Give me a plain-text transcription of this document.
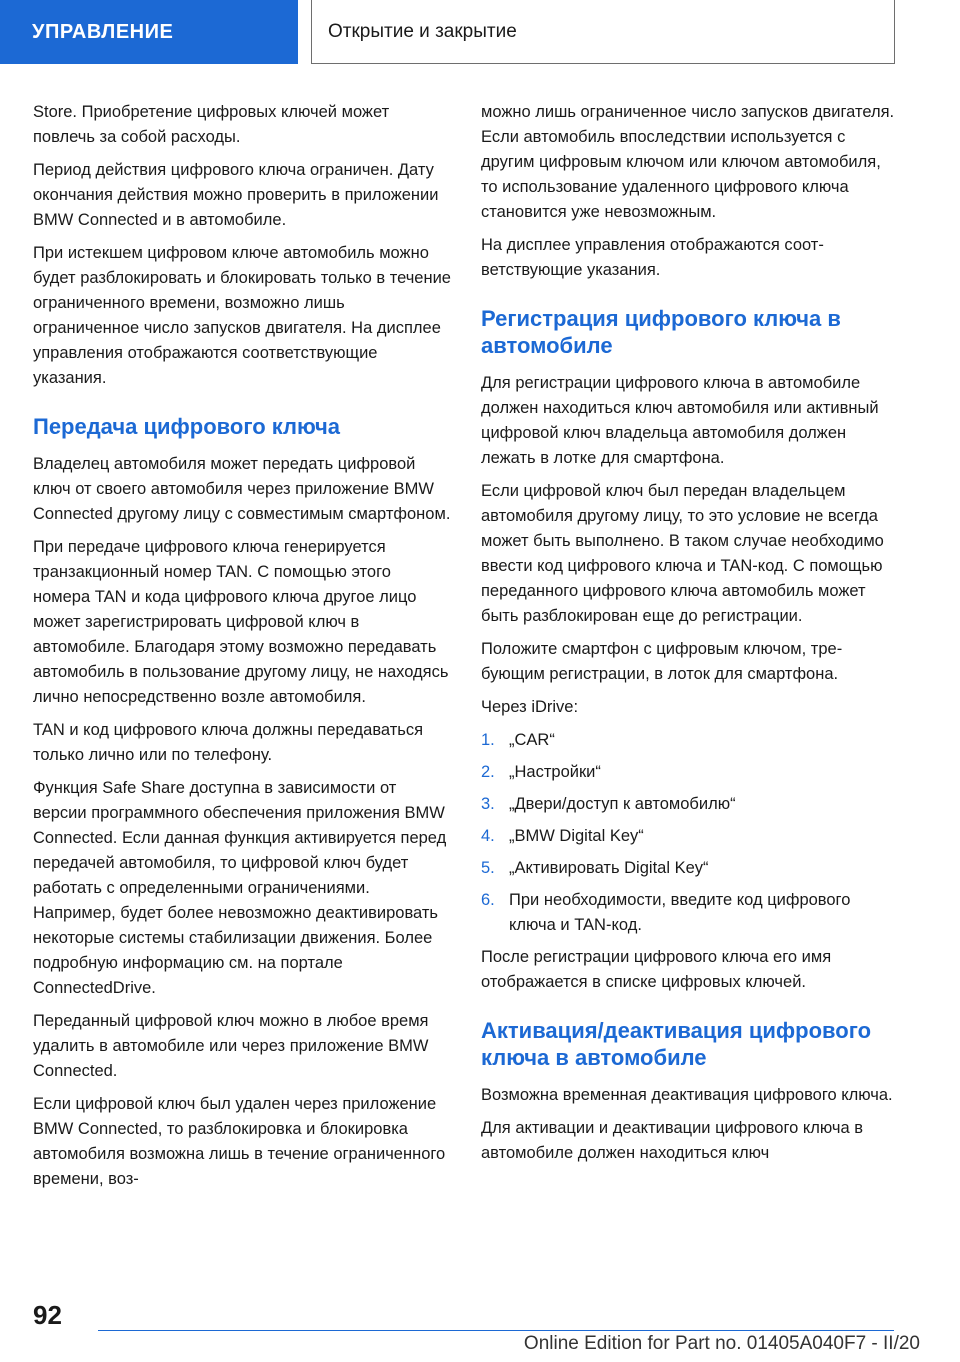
УПРАВЛЕНИЕ	Открытие и закрытие

Store. Приобретение цифровых ключей может повлечь за собой расходы.

Период действия цифрового ключа ограничен. Дату окончания действия можно проверить в приложении BMW Connected и в автомобиле.

При истекшем цифровом ключе автомобиль можно будет разблокировать и блокировать только в течение ограниченного времени, возможно лишь ограниченное число запусков двигателя. На дисплее управления отображаются соответствующие указания.

Передача цифрового ключа

Владелец автомобиля может передать цифровой ключ от своего автомобиля через приложение BMW Connected другому лицу с совместимым смартфоном.

При передаче цифрового ключа генерируется транзакционный номер TAN. С помощью этого номера TAN и кода цифрового ключа другое лицо может зарегистрировать цифровой ключ в автомобиле. Благодаря этому возможно передавать автомобиль в пользование другому лицу, не находясь лично непосредственно возле автомобиля.

TAN и код цифрового ключа должны передаваться только лично или по телефону.

Функция Safe Share доступна в зависимости от версии программного обеспечения приложения BMW Connected. Если данная функция активируется перед передачей автомобиля, то цифровой ключ будет работать с определенными ограничениями. Например, будет более невозможно деактивировать некоторые системы стабилизации движения. Более подробную информацию см. на портале ConnectedDrive.

Переданный цифровой ключ можно в любое время удалить в автомобиле или через приложение BMW Connected.

Если цифровой ключ был удален через приложение BMW Connected, то разблокировка и блокировка автомобиля возможна лишь в течение ограниченного времени, воз-

можно лишь ограниченное число запусков двигателя. Если автомобиль впоследствии используется с другим цифровым ключом или ключом автомобиля, то использование удаленного цифрового ключа становится уже невозможным.

На дисплее управления отображаются соответствующие указания.

Регистрация цифрового ключа в автомобиле

Для регистрации цифрового ключа в автомобиле должен находиться ключ автомобиля или активный цифровой ключ владельца автомобиля должен лежать в лотке для смартфона.

Если цифровой ключ был передан владельцем автомобиля другому лицу, то это условие не всегда может быть выполнено. В таком случае необходимо ввести код цифрового ключа и TAN-код. С помощью переданного цифрового ключа автомобиль может быть разблокирован еще до регистрации.

Положите смартфон с цифровым ключом, требующим регистрации, в лоток для смартфона.

Через iDrive:

1. „CAR“
2. „Настройки“
3. „Двери/доступ к автомобилю“
4. „BMW Digital Key“
5. „Активировать Digital Key“
6. При необходимости, введите код цифрового ключа и TAN-код.

После регистрации цифрового ключа его имя отображается в списке цифровых ключей.

Активация/деактивация цифрового ключа в автомобиле

Возможна временная деактивация цифрового ключа.

Для активации и деактивации цифрового ключа в автомобиле должен находиться ключ

92
Online Edition for Part no. 01405A040F7 - II/20
